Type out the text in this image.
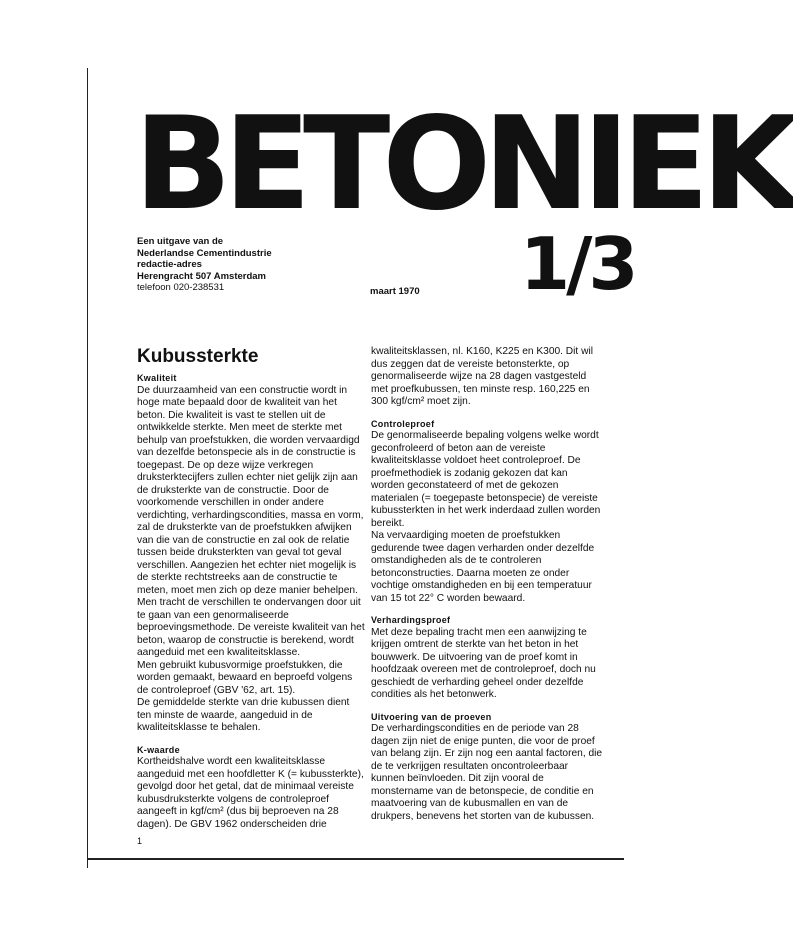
BETONIEK
Een uitgave van de
Nederlandse Cementindustrie
redactie-adres
Herengracht 507 Amsterdam
telefoon 020-238531	maart 1970 1/3
Kubussterkte
Kwaliteit

De duurzaamheid van een constructie wordt in hoge mate bepaald door de kwaliteit van het beton. Die kwaliteit is vast te stellen uit de ontwikkelde sterkte. Men meet de sterkte met behulp van proefstukken, die worden vervaardigd van dezelfde betonspecie als in de constructie is toegepast. De op deze wijze verkregen druksterktecijfers zullen echter niet gelijk zijn aan de druksterkte van de constructie. Door de voorkomende verschillen in onder andere verdichting, verhardingscondities, massa en vorm, zal de druksterkte van de proefstukken afwijken van die van de constructie en zal ook de relatie tussen beide druksterkten van geval tot geval verschillen. Aangezien het echter niet mogelijk is de sterkte rechtstreeks aan de constructie te meten, moet men zich op deze manier behelpen.

Men tracht de verschillen te ondervangen door uit te gaan van een genormaliseerde beproevingsmethode. De vereiste kwaliteit van het beton, waarop de constructie is berekend, wordt aangeduid met een kwaliteitsklasse.

Men gebruikt kubusvormige proefstukken, die worden gemaakt, bewaard en beproefd volgens de controleproef (GBV '62, art. 15).

De gemiddelde sterkte van drie kubussen dient ten minste de waarde, aangeduid in de kwaliteitsklasse te behalen.

K-waarde

Kortheidshalve wordt een kwaliteitsklasse aangeduid met een hoofdletter K (= kubussterkte), gevolgd door het getal, dat de minimaal vereiste kubusdruksterkte volgens de controleproef aangeeft in kgf/cm² (dus bij beproeven na 28 dagen). De GBV 1962 onderscheiden drie

kwaliteitsklassen, nl. K160, K225 en K300. Dit wil dus zeggen dat de vereiste betonsterkte, op genormaliseerde wijze na 28 dagen vastgesteld met proefkubussen, ten minste resp. 160,225 en 300 kgf/cm² moet zijn.

Controleproef

De genormaliseerde bepaling volgens welke wordt geconfroleerd of beton aan de vereiste kwaliteitsklasse voldoet heet controleproef. De proefmethodiek is zodanig gekozen dat kan worden geconstateerd of met de gekozen materialen (= toegepaste betonspecie) de vereiste kubussterkten in het werk inderdaad zullen worden bereikt.

Na vervaardiging moeten de proefstukken gedurende twee dagen verharden onder dezelfde omstandigheden als de te controleren betonconstructies. Daarna moeten ze onder vochtige omstandigheden en bij een temperatuur van 15 tot 22° C worden bewaard.

Verhardingsproef

Met deze bepaling tracht men een aanwijzing te krijgen omtrent de sterkte van het beton in het bouwwerk. De uitvoering van de proef komt in hoofdzaak overeen met de controleproef, doch nu geschiedt de verharding geheel onder dezelfde condities als het betonwerk.

Uitvoering van de proeven

De verhardingscondities en de periode van 28 dagen zijn niet de enige punten, die voor de proef van belang zijn. Er zijn nog een aantal factoren, die de te verkrijgen resultaten oncontroleerbaar kunnen beïnvloeden. Dit zijn vooral de monstername van de betonspecie, de conditie en maatvoering van de kubusmallen en van de drukpers, benevens het storten van de kubussen.

1
